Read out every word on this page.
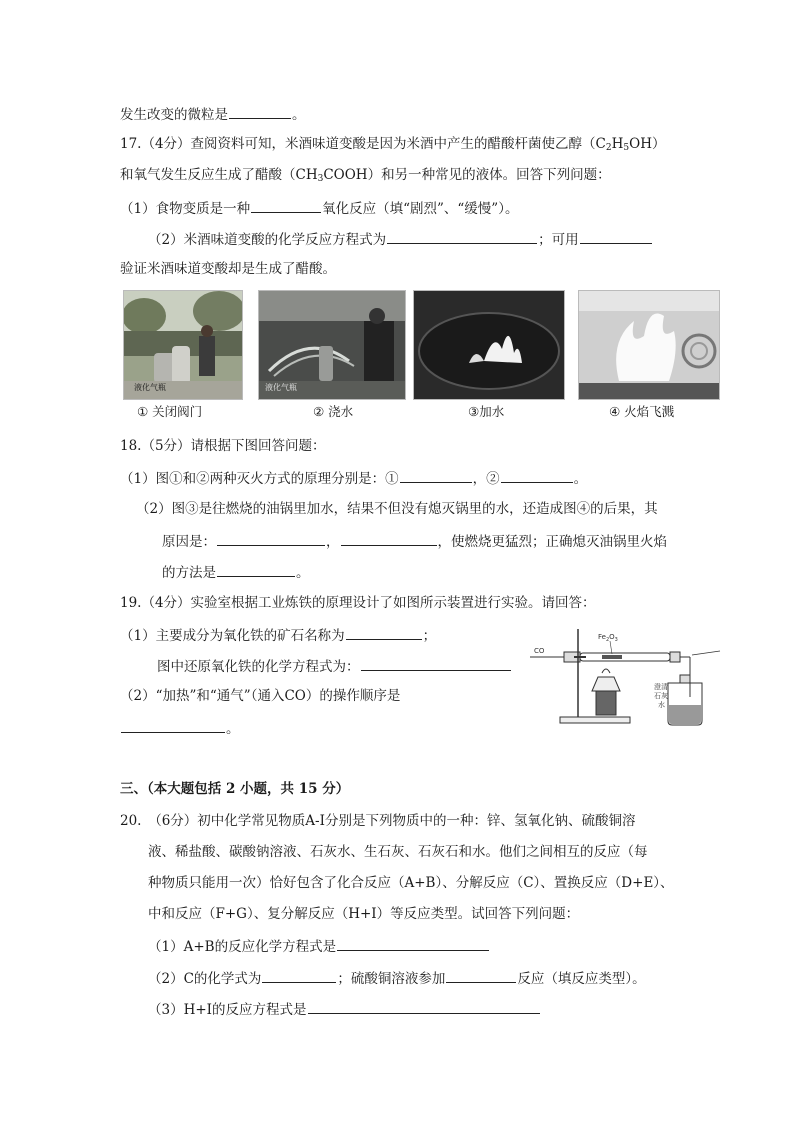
发生改变的微粒是	。
17.（4分）查阅资料可知，米酒味道变酸是因为米酒中产生的醋酸杆菌使乙醇$(C_2H_5OH)$
和氧气发生反应生成了醋酸$(CH_3COOH)$和另一种常见的液体。回答下列问题：
（1）食物变质是一种	氧化反应（填“剧烈”、“缓慢”）。
（2）米酒味道变酸的化学反应方程式为	；可用
验证米酒味道变酸却是生成了醋酸。
液化气瓶	液化气瓶
① 关闭阀门	② 浇水	③加水	④ 火焰飞溅
18.（5分）请根据下图回答问题：
（1）图①和②两种灭火方式的原理分别是：①	，②	。
（2）图③是往燃烧的油锅里加水，结果不但没有熄灭锅里的水，还造成图④的后果，其
原因是：	，	，使燃烧更猛烈；正确熄灭油锅里火焰
的方法是	。
19.（4分）实验室根据工业炼铁的原理设计了如图所示装置进行实验。请回答：
（1）主要成分为氧化铁的矿石名称为	；
图中还原氧化铁的化学方程式为：
（2）“加热”和“通气”（通入CO）的操作顺序是
。
CO
$Fe_2O_3$
澄 清
石 灰
水
三、（本大题包括 2 小题，共 15 分）
20.　（6分）初中化学常见物质A-I分别是下列物质中的一种：锌、氢氧化钠、硫酸铜溶
液、稀盐酸、碳酸钠溶液、石灰水、生石灰、石灰石和水。他们之间相互的反应（每
种物质只能用一次）恰好包含了化合反应（A+B）、分解反应（C）、置换反应（D+E）、
中和反应（F+G）、复分解反应（H+I）等反应类型。试回答下列问题：
（1）A+B的反应化学方程式是
（2）C的化学式为	；硫酸铜溶液参加	反应（填反应类型）。
（3）H+I的反应方程式是
